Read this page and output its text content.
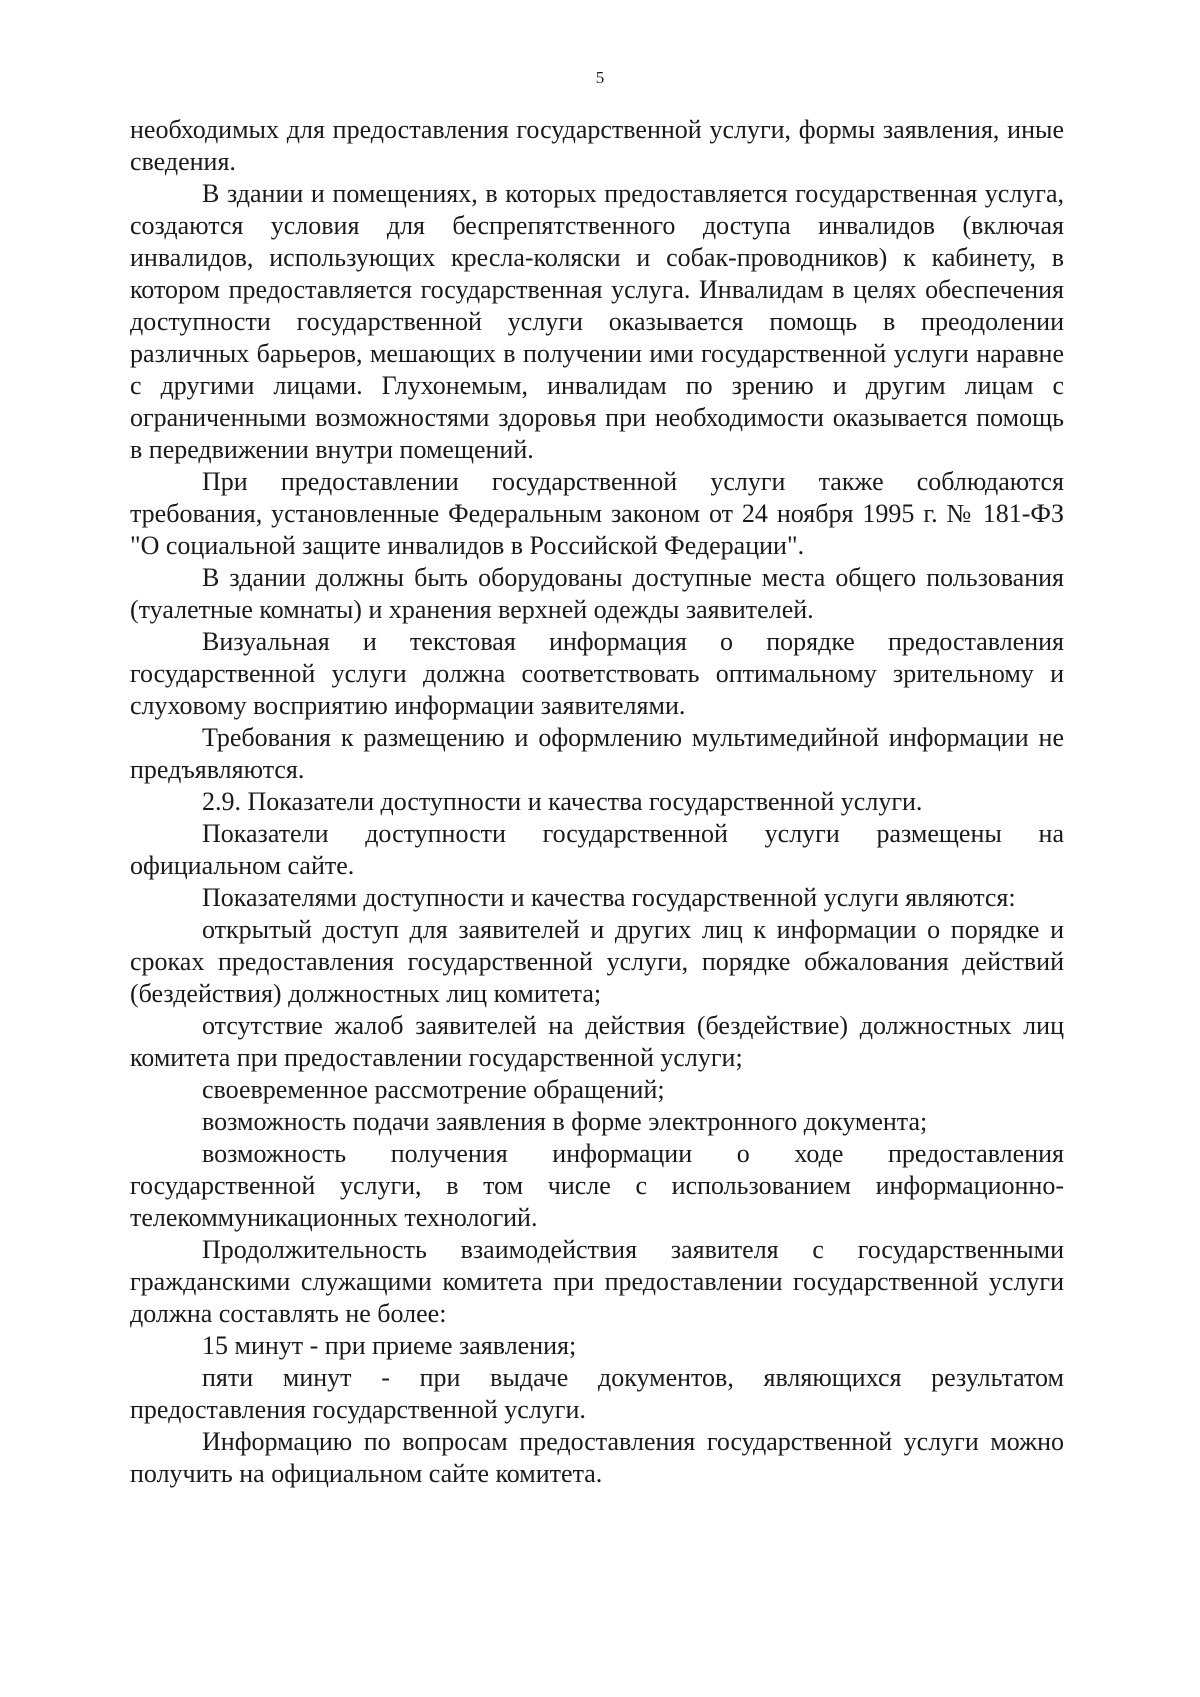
5

необходимых для предоставления государственной услуги, формы заявления, иные сведения.

В здании и помещениях, в которых предоставляется государственная услуга, создаются условия для беспрепятственного доступа инвалидов (включая инвалидов, использующих кресла-коляски и собак-проводников) к кабинету, в котором предоставляется государственная услуга. Инвалидам в целях обеспечения доступности государственной услуги оказывается помощь в преодолении различных барьеров, мешающих в получении ими государственной услуги наравне с другими лицами. Глухонемым, инвалидам по зрению и другим лицам с ограниченными возможностями здоровья при необходимости оказывается помощь в передвижении внутри помещений.

При предоставлении государственной услуги также соблюдаются требования, установленные Федеральным законом от 24 ноября 1995 г. № 181-ФЗ "О социальной защите инвалидов в Российской Федерации".

В здании должны быть оборудованы доступные места общего пользования (туалетные комнаты) и хранения верхней одежды заявителей.

Визуальная и текстовая информация о порядке предоставления государственной услуги должна соответствовать оптимальному зрительному и слуховому восприятию информации заявителями.

Требования к размещению и оформлению мультимедийной информации не предъявляются.

2.9. Показатели доступности и качества государственной услуги.

Показатели доступности государственной услуги размещены на официальном сайте.

Показателями доступности и качества государственной услуги являются:

открытый доступ для заявителей и других лиц к информации о порядке и сроках предоставления государственной услуги, порядке обжалования действий (бездействия) должностных лиц комитета;

отсутствие жалоб заявителей на действия (бездействие) должностных лиц комитета при предоставлении государственной услуги;

своевременное рассмотрение обращений;

возможность подачи заявления в форме электронного документа;

возможность получения информации о ходе предоставления государственной услуги, в том числе с использованием информационно-телекоммуникационных технологий.

Продолжительность взаимодействия заявителя с государственными гражданскими служащими комитета при предоставлении государственной услуги должна составлять не более:

15 минут - при приеме заявления;

пяти минут - при выдаче документов, являющихся результатом предоставления государственной услуги.

Информацию по вопросам предоставления государственной услуги можно получить на официальном сайте комитета.
